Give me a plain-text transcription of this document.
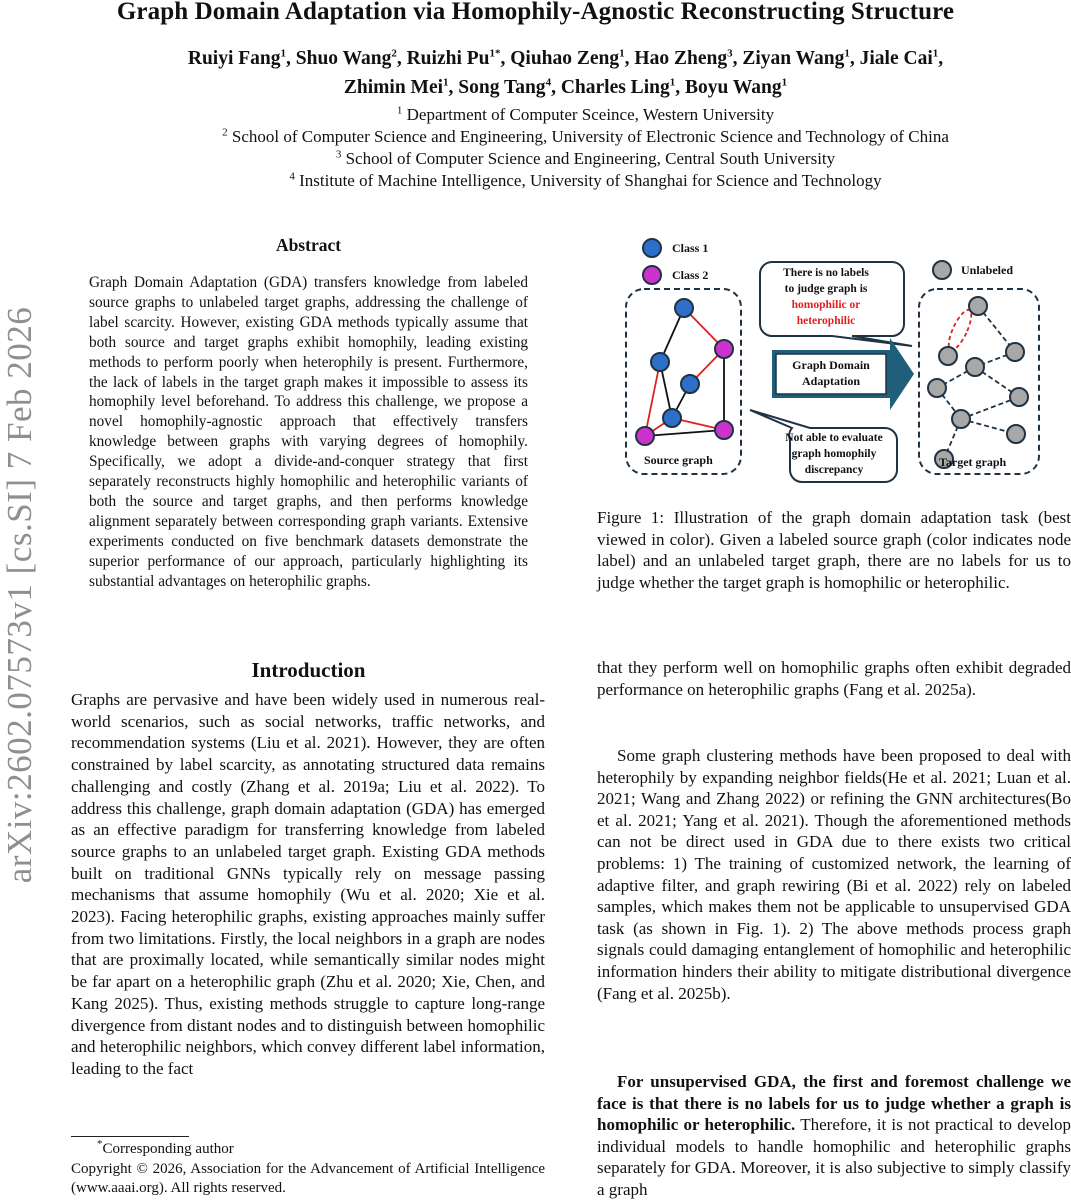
Graph Domain Adaptation via Homophily-Agnostic Reconstructing Structure
Ruiyi Fang$^1$, Shuo Wang$^2$, Ruizhi $Pu^{1*}$, Qiuhao Zeng$^1$, Hao Zheng$^3$, Ziyan Wang$^1$, Jiale Cai$^1$,
Zhimin Mei$^1$, Song Tang$^4$, Charles Ling$^1$, Boyu Wang$^1$
$^1$ Department of Computer Sceince, Western University
$^2$ School of Computer Science and Engineering, University of Electronic Science and Technology of China
$^3$ School of Computer Science and Engineering, Central South University
$^4$ Institute of Machine Intelligence, University of Shanghai for Science and Technology
arXiv:2602.07573v1 [cs.SI] 7 Feb 2026
Abstract
Graph Domain Adaptation (GDA) transfers knowledge from labeled source graphs to unlabeled target graphs, addressing the challenge of label scarcity. However, existing GDA methods typically assume that both source and target graphs exhibit homophily, leading existing methods to perform poorly when heterophily is present. Furthermore, the lack of labels in the target graph makes it impossible to assess its homophily level beforehand. To address this challenge, we propose a novel homophily-agnostic approach that effectively transfers knowledge between graphs with varying degrees of homophily. Specifically, we adopt a divide-and-conquer strategy that first separately reconstructs highly homophilic and heterophilic variants of both the source and target graphs, and then performs knowledge alignment separately between corresponding graph variants. Extensive experiments conducted on five benchmark datasets demonstrate the superior performance of our approach, particularly highlighting its substantial advantages on heterophilic graphs.
Introduction
Graphs are pervasive and have been widely used in numerous real-world scenarios, such as social networks, traffic networks, and recommendation systems (Liu et al. 2021). However, they are often constrained by label scarcity, as annotating structured data remains challenging and costly (Zhang et al. 2019a; Liu et al. 2022). To address this challenge, graph domain adaptation (GDA) has emerged as an effective paradigm for transferring knowledge from labeled source graphs to an unlabeled target graph. Existing GDA methods built on traditional GNNs typically rely on message passing mechanisms that assume homophily (Wu et al. 2020; Xie et al. 2023). Facing heterophilic graphs, existing approaches mainly suffer from two limitations. Firstly, the local neighbors in a graph are nodes that are proximally located, while semantically similar nodes might be far apart on a heterophilic graph (Zhu et al. 2020; Xie, Chen, and Kang 2025). Thus, existing methods struggle to capture long-range divergence from distant nodes and to distinguish between homophilic and heterophilic neighbors, which convey different label information, leading to the fact
*Corresponding author
Copyright © 2026, Association for the Advancement of Artificial Intelligence (www.aaai.org). All rights reserved.
Class 1
Class 2	Unlabeled
Source graph
There is no labels
to judge graph is
homophilic or
heterophilic
Graph Domain
Adaptation
Not able to evaluate
graph homophily
discrepancy
Target graph
Figure 1: Illustration of the graph domain adaptation task (best viewed in color). Given a labeled source graph (color indicates node label) and an unlabeled target graph, there are no labels for us to judge whether the target graph is homophilic or heterophilic.
that they perform well on homophilic graphs often exhibit degraded performance on heterophilic graphs (Fang et al. 2025a).
Some graph clustering methods have been proposed to deal with heterophily by expanding neighbor fields(He et al. 2021; Luan et al. 2021; Wang and Zhang 2022) or refining the GNN architectures(Bo et al. 2021; Yang et al. 2021). Though the aforementioned methods can not be direct used in GDA due to there exists two critical problems: 1) The training of customized network, the learning of adaptive filter, and graph rewiring (Bi et al. 2022) rely on labeled samples, which makes them not be applicable to unsupervised GDA task (as shown in Fig. 1). 2) The above methods process graph signals could damaging entanglement of homophilic and heterophilic information hinders their ability to mitigate distributional divergence (Fang et al. 2025b).
For unsupervised GDA, the first and foremost challenge we face is that there is no labels for us to judge whether a graph is homophilic or heterophilic. Therefore, it is not practical to develop individual models to handle homophilic and heterophilic graphs separately for GDA. Moreover, it is also subjective to simply classify a graph
